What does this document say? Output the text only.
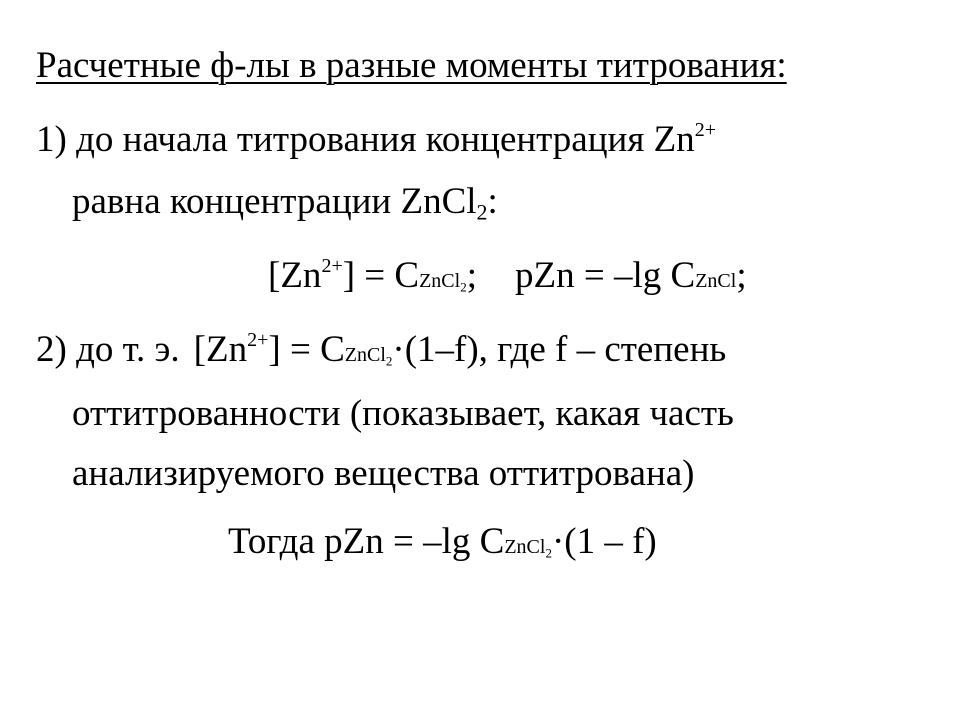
Расчетные ф-лы в разные моменты титрования:
1) до начала титрования концентрация $Zn^{2+}$
равна концентрации ZnCl$_2$:
$[Zn^{2+}]$ = CZnCl$_2$; pZn = –lg CZnCl;
2) до т. э. $[Zn^{2+}]$ = CZnCl$_2$·(1–f), где f – степень
оттитрованности (показывает, какая часть
анализируемого вещества оттитрована)
Тогда pZn = –lg CZnCl$_2$·(1 – f)
